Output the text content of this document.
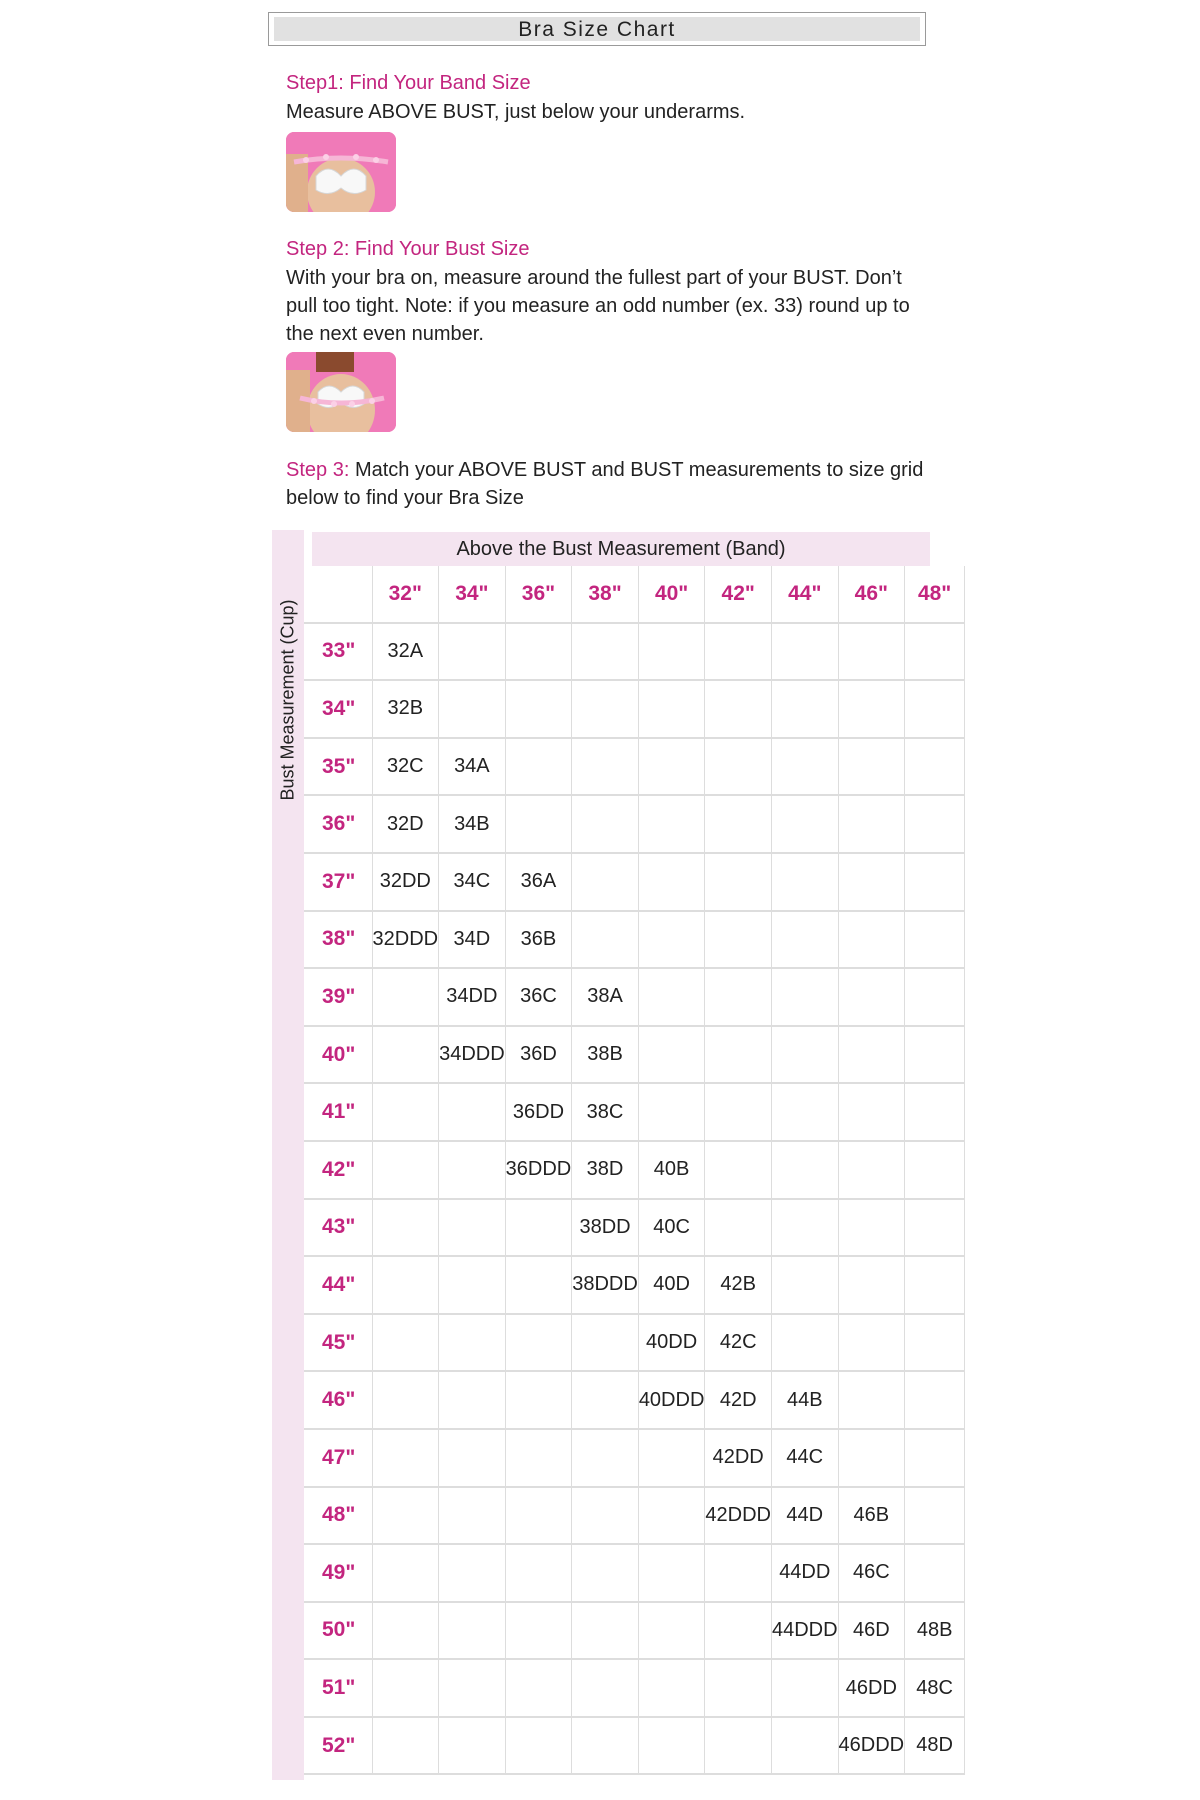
Bra Size Chart
Step1: Find Your Band Size
Measure ABOVE BUST, just below your underarms.
Step 2: Find Your Bust Size
With your bra on, measure around the fullest part of your BUST. Don’t pull too tight. Note: if you measure an odd number (ex. 33) round up to the next even number.
Step 3: Match your ABOVE BUST and BUST measurements to size grid below to find your Bra Size
Bust Measurement (Cup)
Above the Bust Measurement (Band)
	32"	34"	36"	38"	40"	42"	44"	46"	48"
33"	32A								
34"	32B								
35"	32C	34A							
36"	32D	34B							
37"	32DD	34C	36A						
38"	32DDD	34D	36B						
39"		34DD	36C	38A					
40"		34DDD	36D	38B					
41"			36DD	38C					
42"			36DDD	38D	40B				
43"				38DD	40C				
44"				38DDD	40D	42B			
45"					40DD	42C			
46"					40DDD	42D	44B		
47"						42DD	44C		
48"						42DDD	44D	46B	
49"							44DD	46C	
50"							44DDD	46D	48B
51"								46DD	48C
52"								46DDD	48D
